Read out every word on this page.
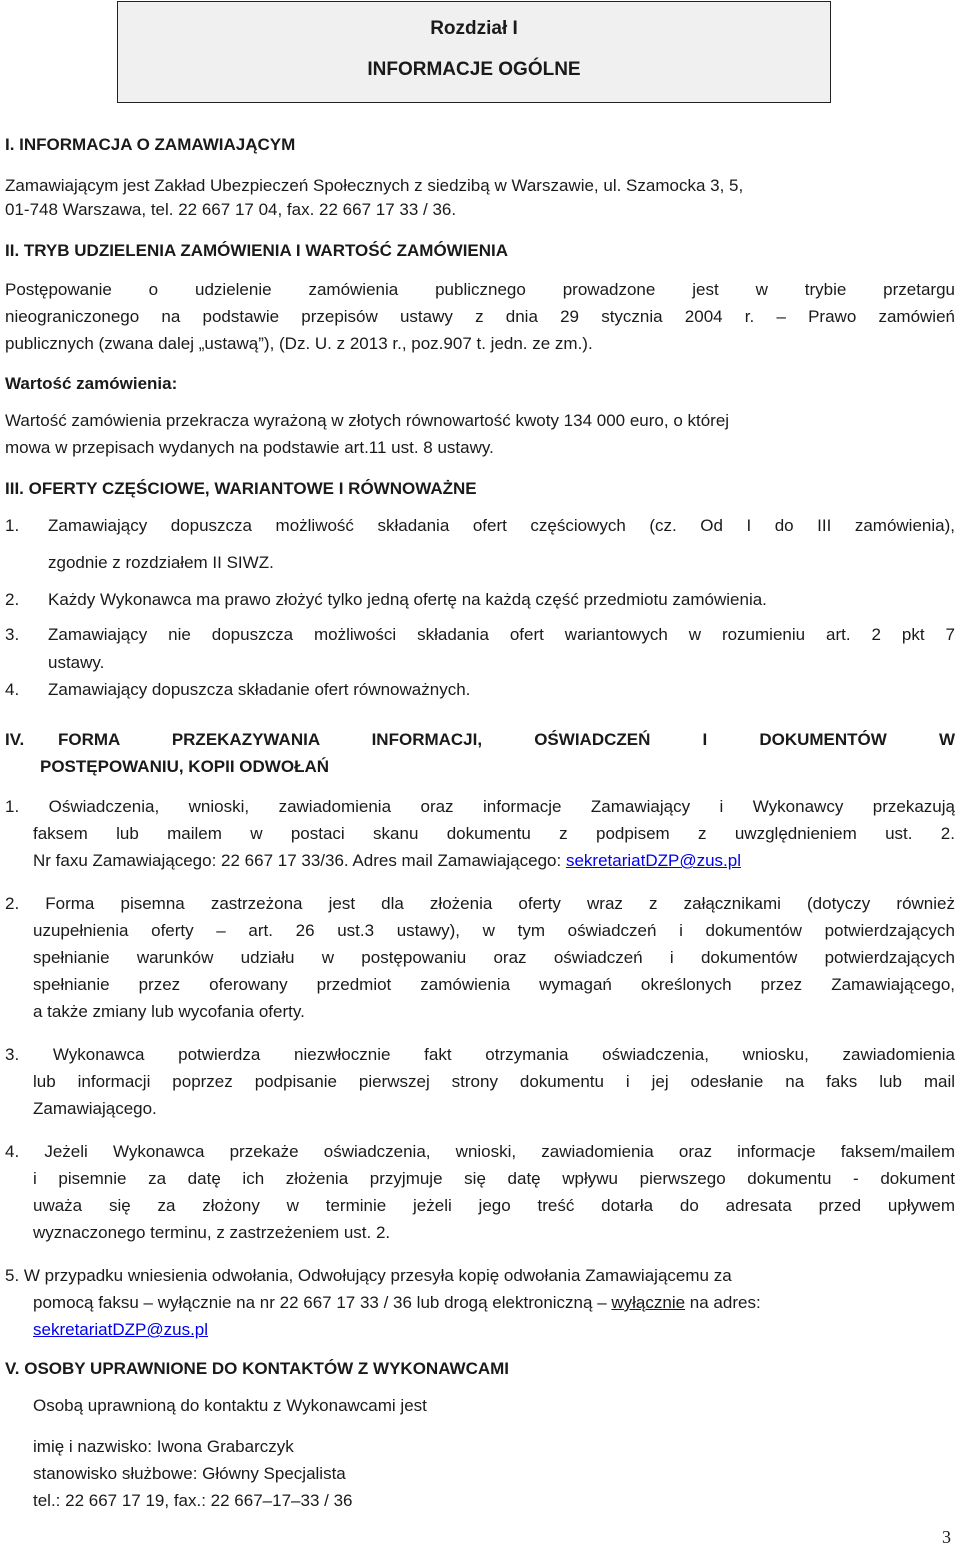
Rozdział I
INFORMACJE OGÓLNE
I. INFORMACJA O ZAMAWIAJĄCYM
Zamawiającym jest Zakład Ubezpieczeń Społecznych z siedzibą w Warszawie, ul. Szamocka 3, 5,
01-748 Warszawa, tel. 22 667 17 04, fax. 22 667 17 33 / 36.
II. TRYB UDZIELENIA ZAMÓWIENIA I WARTOŚĆ ZAMÓWIENIA
Postępowanie o udzielenie zamówienia publicznego prowadzone jest w trybie przetargu
nieograniczonego na podstawie przepisów ustawy z dnia 29 stycznia 2004 r. – Prawo zamówień
publicznych (zwana dalej „ustawą”), (Dz. U. z 2013 r., poz.907 t. jedn. ze zm.).
Wartość zamówienia:
Wartość zamówienia przekracza wyrażoną w złotych równowartość kwoty 134 000 euro, o której
mowa w przepisach wydanych na podstawie art.11 ust. 8 ustawy.
III. OFERTY CZĘŚCIOWE, WARIANTOWE I RÓWNOWAŻNE
1. Zamawiający dopuszcza możliwość składania ofert częściowych (cz. Od I do III zamówienia),
zgodnie z rozdziałem II SIWZ.
2. Każdy Wykonawca ma prawo złożyć tylko jedną ofertę na każdą część przedmiotu zamówienia.
3. Zamawiający nie dopuszcza możliwości składania ofert wariantowych w rozumieniu art. 2 pkt 7
ustawy.
4. Zamawiający dopuszcza składanie ofert równoważnych.
IV. FORMA PRZEKAZYWANIA INFORMACJI, OŚWIADCZEŃ I DOKUMENTÓW W
POSTĘPOWANIU, KOPII ODWOŁAŃ
1. Oświadczenia, wnioski, zawiadomienia oraz informacje Zamawiający i Wykonawcy przekazują
faksem lub mailem w postaci skanu dokumentu z podpisem z uwzględnieniem ust. 2.
Nr faxu Zamawiającego: 22 667 17 33/36. Adres mail Zamawiającego: sekretariatDZP@zus.pl
2. Forma pisemna zastrzeżona jest dla złożenia oferty wraz z załącznikami (dotyczy również
uzupełnienia oferty – art. 26 ust.3 ustawy), w tym oświadczeń i dokumentów potwierdzających
spełnianie warunków udziału w postępowaniu oraz oświadczeń i dokumentów potwierdzających
spełnianie przez oferowany przedmiot zamówienia wymagań określonych przez Zamawiającego,
a także zmiany lub wycofania oferty.
3. Wykonawca potwierdza niezwłocznie fakt otrzymania oświadczenia, wniosku, zawiadomienia
lub informacji poprzez podpisanie pierwszej strony dokumentu i jej odesłanie na faks lub mail
Zamawiającego.
4. Jeżeli Wykonawca przekaże oświadczenia, wnioski, zawiadomienia oraz informacje faksem/mailem
i pisemnie za datę ich złożenia przyjmuje się datę wpływu pierwszego dokumentu - dokument
uważa się za złożony w terminie jeżeli jego treść dotarła do adresata przed upływem
wyznaczonego terminu, z zastrzeżeniem ust. 2.
5. W przypadku wniesienia odwołania, Odwołujący przesyła kopię odwołania Zamawiającemu za
pomocą faksu – wyłącznie na nr 22 667 17 33 / 36 lub drogą elektroniczną – wyłącznie na adres:
sekretariatDZP@zus.pl
V. OSOBY UPRAWNIONE DO KONTAKTÓW Z WYKONAWCAMI
Osobą uprawnioną do kontaktu z Wykonawcami jest
imię i nazwisko: Iwona Grabarczyk
stanowisko służbowe: Główny Specjalista
tel.: 22 667 17 19, fax.: 22 667–17–33 / 36
3
